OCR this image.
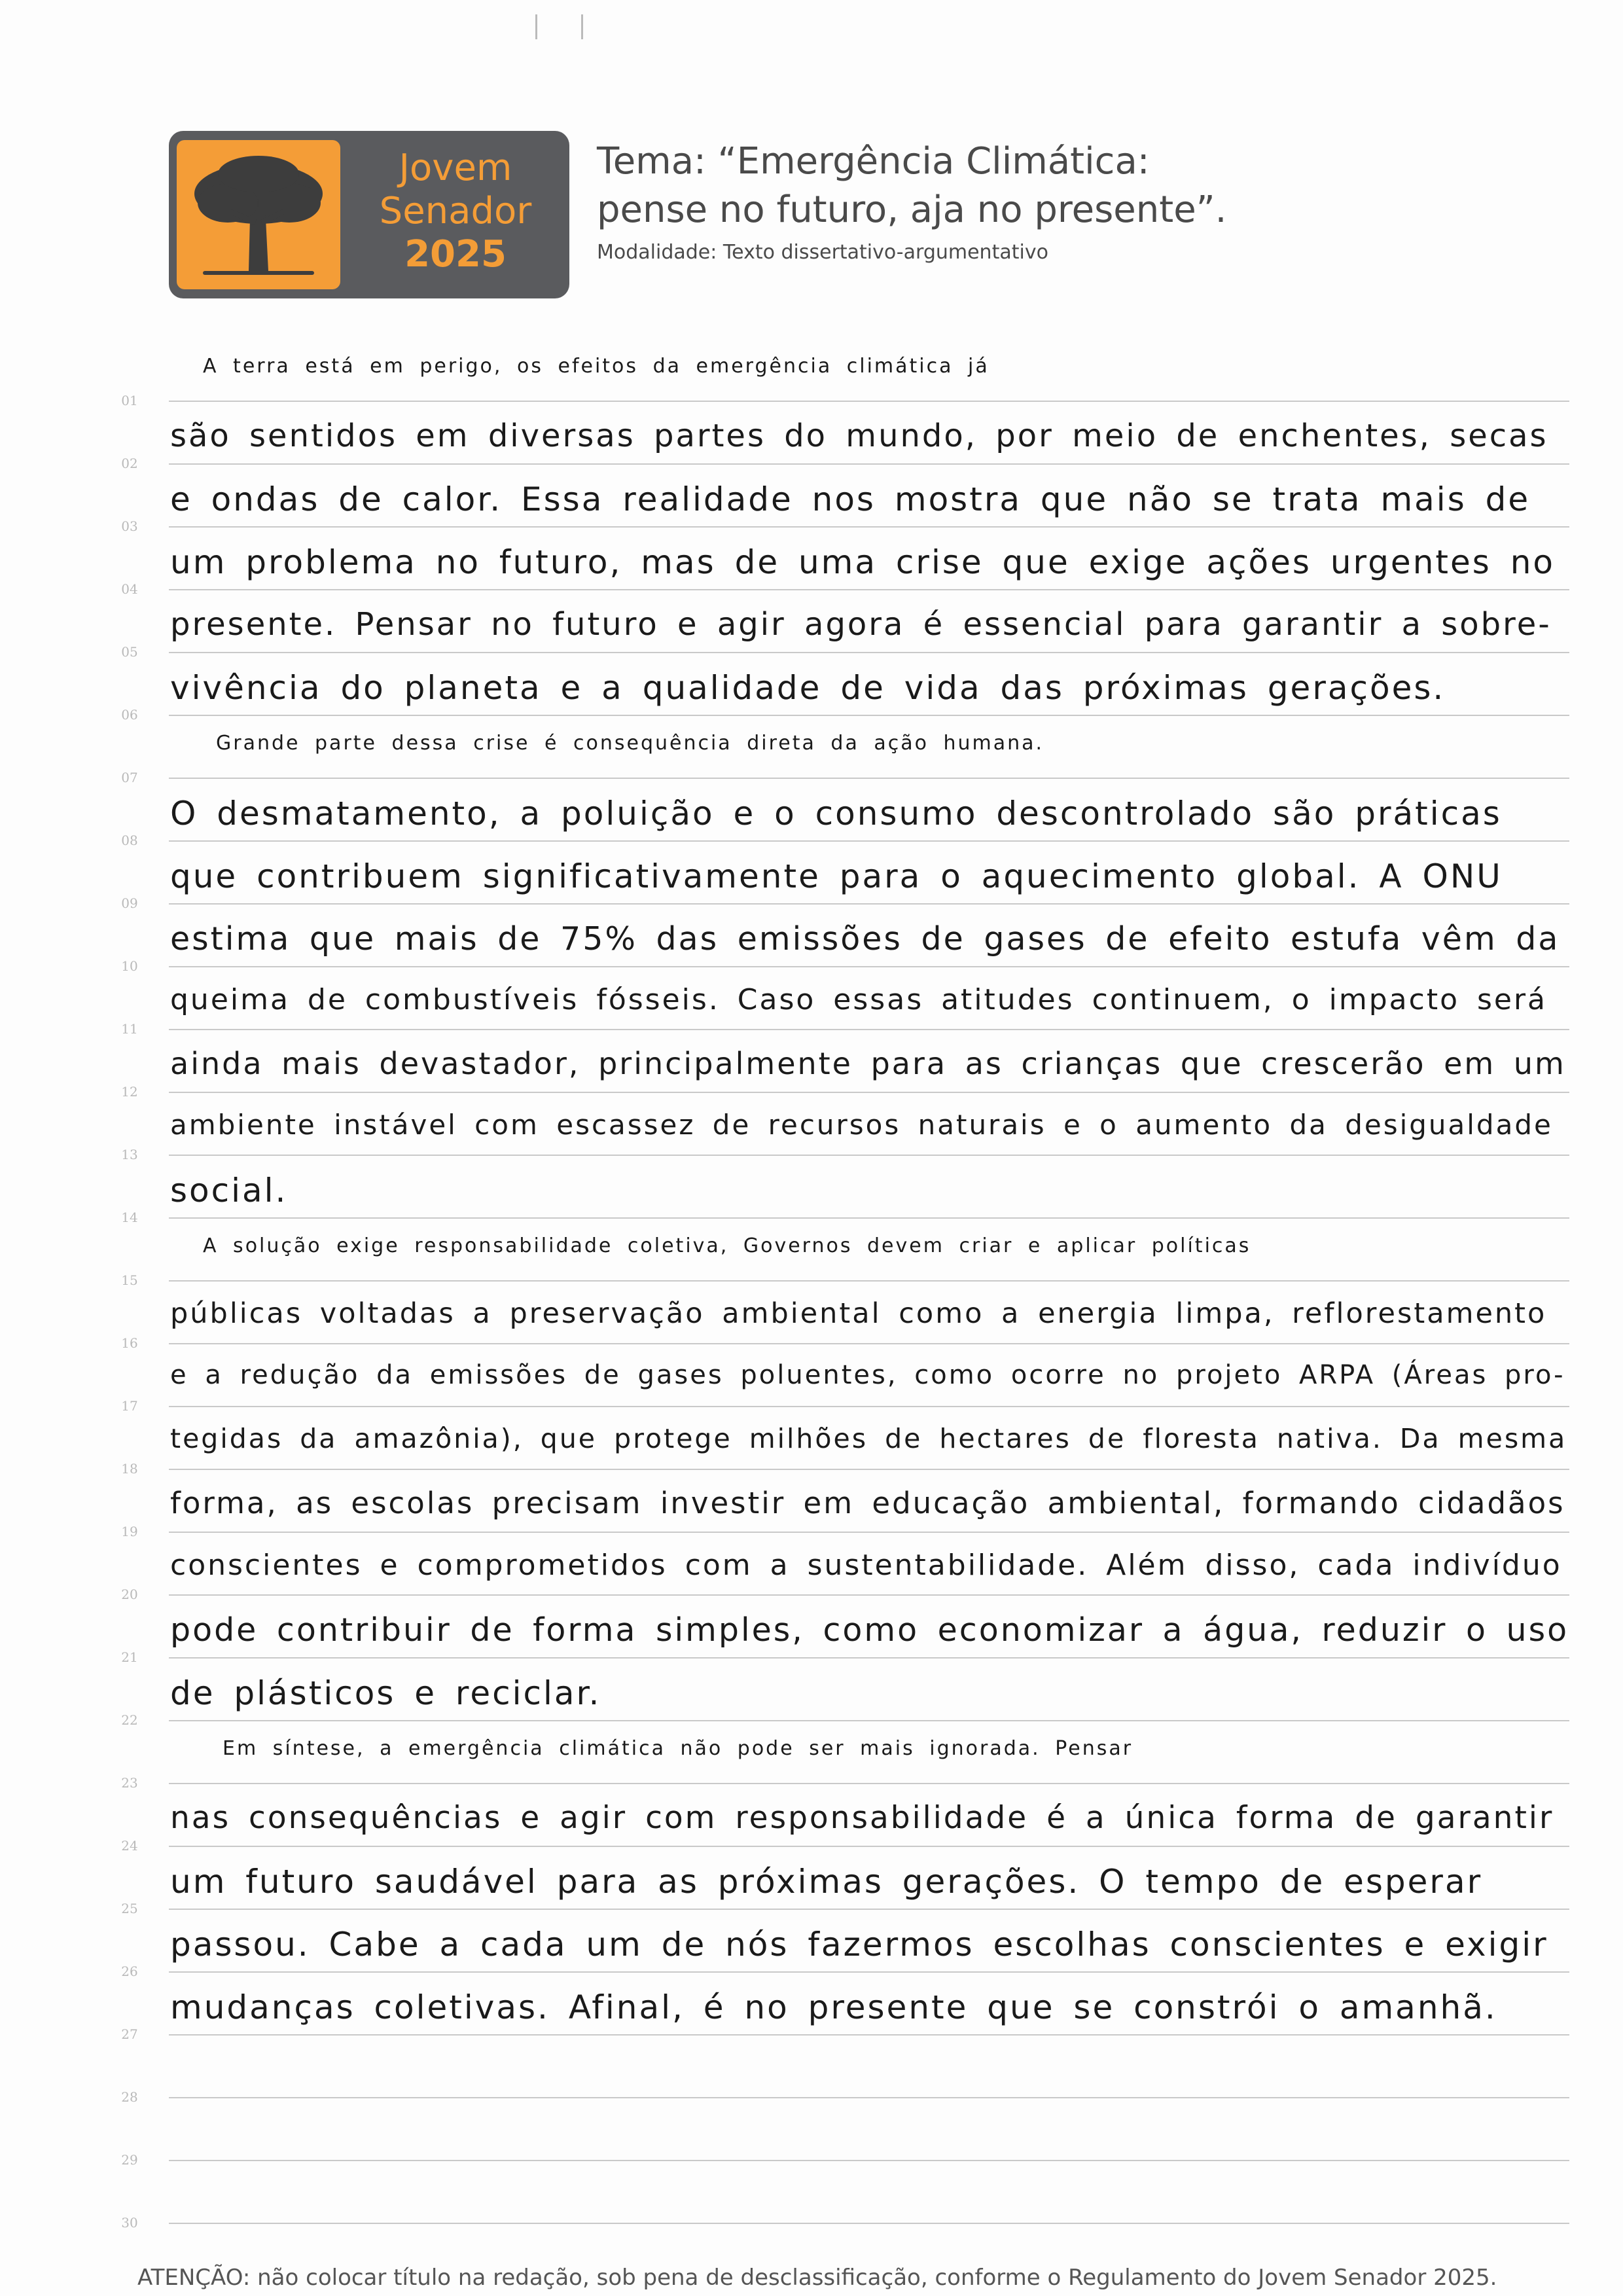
Jovem
Senador
2025
Tema: “Emergência Climática:
pense no futuro, aja no presente”.
Modalidade: Texto dissertativo-argumentativo
01
A terra está em perigo, os efeitos da emergência climática já
02
são sentidos em diversas partes do mundo, por meio de enchentes, secas
03
e ondas de calor. Essa realidade nos mostra que não se trata mais de
04
um problema no futuro, mas de uma crise que exige ações urgentes no
05
presente. Pensar no futuro e agir agora é essencial para garantir a sobre-
06
vivência do planeta e a qualidade de vida das próximas gerações.
07
Grande parte dessa crise é consequência direta da ação humana.
08
O desmatamento, a poluição e o consumo descontrolado são práticas
09
que contribuem significativamente para o aquecimento global. A ONU
10
estima que mais de 75% das emissões de gases de efeito estufa vêm da
11
queima de combustíveis fósseis. Caso essas atitudes continuem, o impacto será
12
ainda mais devastador, principalmente para as crianças que crescerão em um
13
ambiente instável com escassez de recursos naturais e o aumento da desigualdade
14
social.
15
A solução exige responsabilidade coletiva, Governos devem criar e aplicar políticas
16
públicas voltadas a preservação ambiental como a energia limpa, reflorestamento
17
e a redução da emissões de gases poluentes, como ocorre no projeto ARPA (Áreas pro-
18
tegidas da amazônia), que protege milhões de hectares de floresta nativa. Da mesma
19
forma, as escolas precisam investir em educação ambiental, formando cidadãos
20
conscientes e comprometidos com a sustentabilidade. Além disso, cada indivíduo
21
pode contribuir de forma simples, como economizar a água, reduzir o uso
22
de plásticos e reciclar.
23
Em síntese, a emergência climática não pode ser mais ignorada. Pensar
24
nas consequências e agir com responsabilidade é a única forma de garantir
25
um futuro saudável para as próximas gerações. O tempo de esperar
26
passou. Cabe a cada um de nós fazermos escolhas conscientes e exigir
27
mudanças coletivas. Afinal, é no presente que se constrói o amanhã.
28
29
30
ATENÇÃO: não colocar título na redação, sob pena de desclassificação, conforme o Regulamento do Jovem Senador 2025.
